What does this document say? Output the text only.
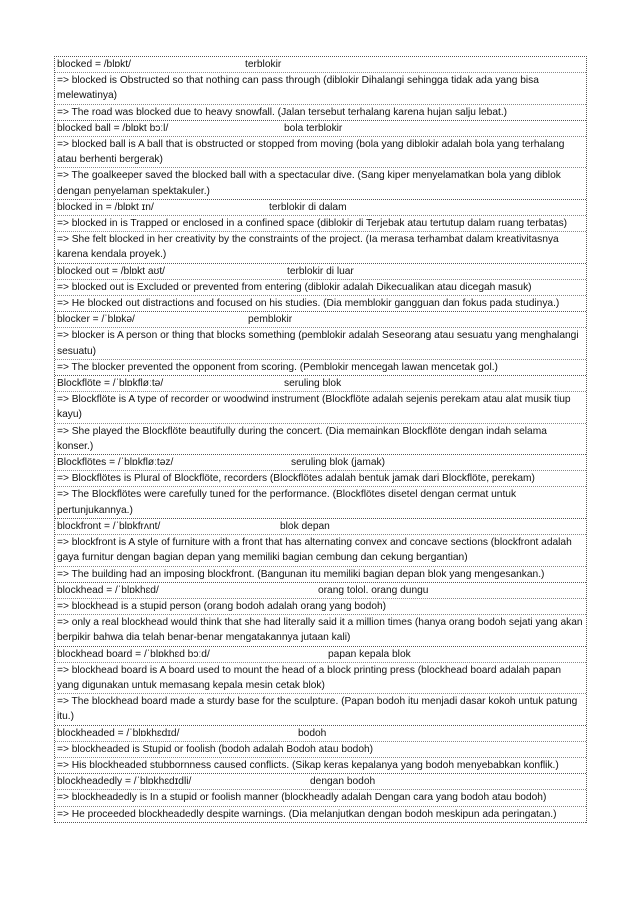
blocked = /blɒkt/	terblokir
=> blocked is Obstructed so that nothing can pass through (diblokir Dihalangi sehingga tidak ada yang bisa melewatinya)
=> The road was blocked due to heavy snowfall. (Jalan tersebut terhalang karena hujan salju lebat.)
blocked ball = /blɒkt bɔːl/	bola terblokir
=> blocked ball is A ball that is obstructed or stopped from moving (bola yang diblokir adalah bola yang terhalang atau berhenti bergerak)
=> The goalkeeper saved the blocked ball with a spectacular dive. (Sang kiper menyelamatkan bola yang diblok dengan penyelaman spektakuler.)
blocked in = /blɒkt ɪn/	terblokir di dalam
=> blocked in is Trapped or enclosed in a confined space (diblokir di Terjebak atau tertutup dalam ruang terbatas)
=> She felt blocked in her creativity by the constraints of the project. (Ia merasa terhambat dalam kreativitasnya karena kendala proyek.)
blocked out = /blɒkt aʊt/	terblokir di luar
=> blocked out is Excluded or prevented from entering (diblokir adalah Dikecualikan atau dicegah masuk)
=> He blocked out distractions and focused on his studies. (Dia memblokir gangguan dan fokus pada studinya.)
blocker = /ˈblɒkə/	pemblokir
=> blocker is A person or thing that blocks something (pemblokir adalah Seseorang atau sesuatu yang menghalangi sesuatu)
=> The blocker prevented the opponent from scoring. (Pemblokir mencegah lawan mencetak gol.)
Blockflöte = /ˈblɒkfløːtə/	seruling blok
=> Blockflöte is A type of recorder or woodwind instrument (Blockflöte adalah sejenis perekam atau alat musik tiup kayu)
=> She played the Blockflöte beautifully during the concert. (Dia memainkan Blockflöte dengan indah selama konser.)
Blockflötes = /ˈblɒkfløːtəz/	seruling blok (jamak)
=> Blockflötes is Plural of Blockflöte, recorders (Blockflötes adalah bentuk jamak dari Blockflöte, perekam)
=> The Blockflötes were carefully tuned for the performance. (Blockflötes disetel dengan cermat untuk pertunjukannya.)
blockfront = /ˈblɒkfrʌnt/	blok depan
=> blockfront is A style of furniture with a front that has alternating convex and concave sections (blockfront adalah gaya furnitur dengan bagian depan yang memiliki bagian cembung dan cekung bergantian)
=> The building had an imposing blockfront. (Bangunan itu memiliki bagian depan blok yang mengesankan.)
blockhead = /ˈblɒkhɛd/	orang tolol. orang dungu
=> blockhead is a stupid person (orang bodoh adalah orang yang bodoh)
=> only a real blockhead would think that she had literally said it a million times (hanya orang bodoh sejati yang akan berpikir bahwa dia telah benar-benar mengatakannya jutaan kali)
blockhead board = /ˈblɒkhɛd bɔːd/	papan kepala blok
=> blockhead board is A board used to mount the head of a block printing press (blockhead board adalah papan yang digunakan untuk memasang kepala mesin cetak blok)
=> The blockhead board made a sturdy base for the sculpture. (Papan bodoh itu menjadi dasar kokoh untuk patung itu.)
blockheaded = /ˈblɒkhɛdɪd/	bodoh
=> blockheaded is Stupid or foolish (bodoh adalah Bodoh atau bodoh)
=> His blockheaded stubbornness caused conflicts. (Sikap keras kepalanya yang bodoh menyebabkan konflik.)
blockheadedly = /ˈblɒkhɛdɪdli/	dengan bodoh
=> blockheadedly is In a stupid or foolish manner (blockheadly adalah Dengan cara yang bodoh atau bodoh)
=> He proceeded blockheadedly despite warnings. (Dia melanjutkan dengan bodoh meskipun ada peringatan.)
